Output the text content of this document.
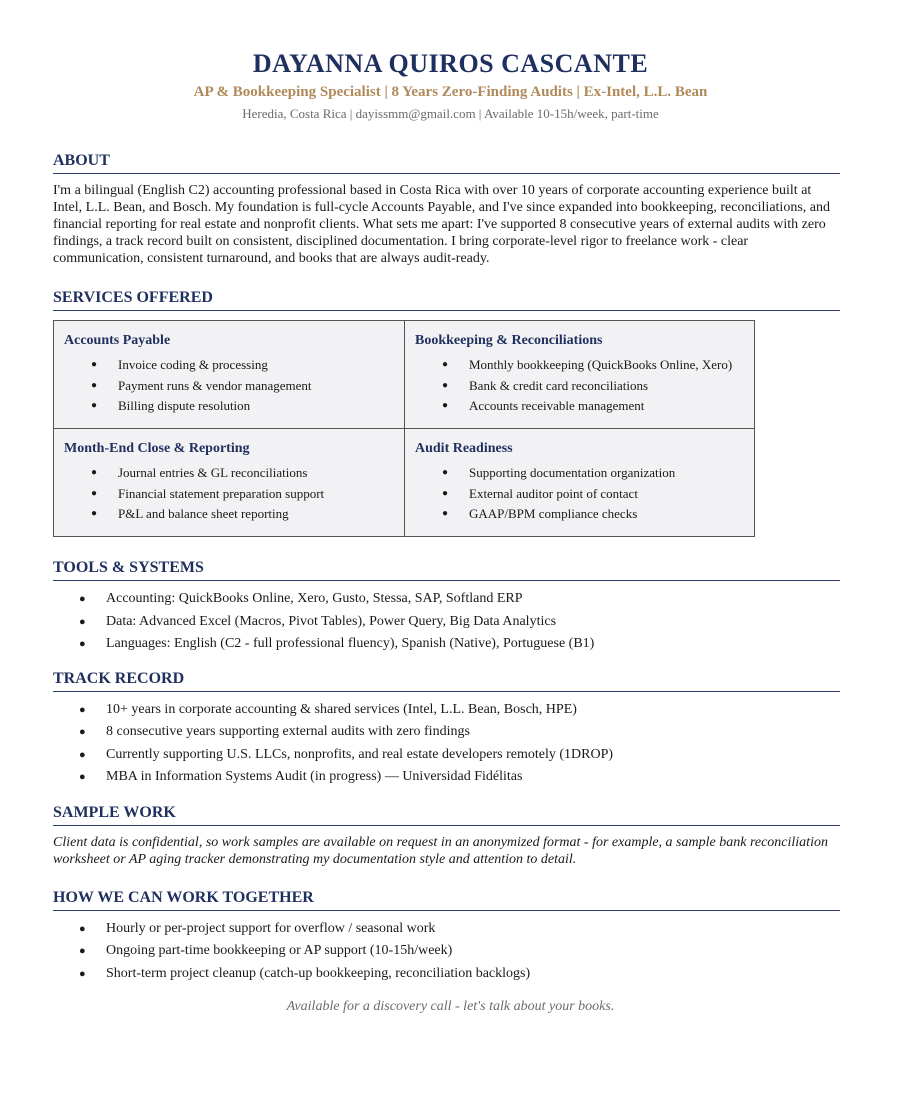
DAYANNA QUIROS CASCANTE
AP & Bookkeeping Specialist | 8 Years Zero-Finding Audits | Ex-Intel, L.L. Bean
Heredia, Costa Rica | dayissmm@gmail.com | Available 10-15h/week, part-time
ABOUT
I'm a bilingual (English C2) accounting professional based in Costa Rica with over 10 years of corporate accounting experience built at Intel, L.L. Bean, and Bosch. My foundation is full-cycle Accounts Payable, and I've since expanded into bookkeeping, reconciliations, and financial reporting for real estate and nonprofit clients. What sets me apart: I've supported 8 consecutive years of external audits with zero findings, a track record built on consistent, disciplined documentation. I bring corporate-level rigor to freelance work - clear communication, consistent turnaround, and books that are always audit-ready.
SERVICES OFFERED
Accounts Payable
● Invoice coding & processing
● Payment runs & vendor management
● Billing dispute resolution
Bookkeeping & Reconciliations
● Monthly bookkeeping (QuickBooks Online, Xero)
● Bank & credit card reconciliations
● Accounts receivable management
Month-End Close & Reporting
● Journal entries & GL reconciliations
● Financial statement preparation support
● P&L and balance sheet reporting
Audit Readiness
● Supporting documentation organization
● External auditor point of contact
● GAAP/BPM compliance checks
TOOLS & SYSTEMS
● Accounting: QuickBooks Online, Xero, Gusto, Stessa, SAP, Softland ERP
● Data: Advanced Excel (Macros, Pivot Tables), Power Query, Big Data Analytics
● Languages: English (C2 - full professional fluency), Spanish (Native), Portuguese (B1)
TRACK RECORD
● 10+ years in corporate accounting & shared services (Intel, L.L. Bean, Bosch, HPE)
● 8 consecutive years supporting external audits with zero findings
● Currently supporting U.S. LLCs, nonprofits, and real estate developers remotely (1DROP)
● MBA in Information Systems Audit (in progress) — Universidad Fidélitas
SAMPLE WORK
Client data is confidential, so work samples are available on request in an anonymized format - for example, a sample bank reconciliation worksheet or AP aging tracker demonstrating my documentation style and attention to detail.
HOW WE CAN WORK TOGETHER
● Hourly or per-project support for overflow / seasonal work
● Ongoing part-time bookkeeping or AP support (10-15h/week)
● Short-term project cleanup (catch-up bookkeeping, reconciliation backlogs)
Available for a discovery call - let's talk about your books.
